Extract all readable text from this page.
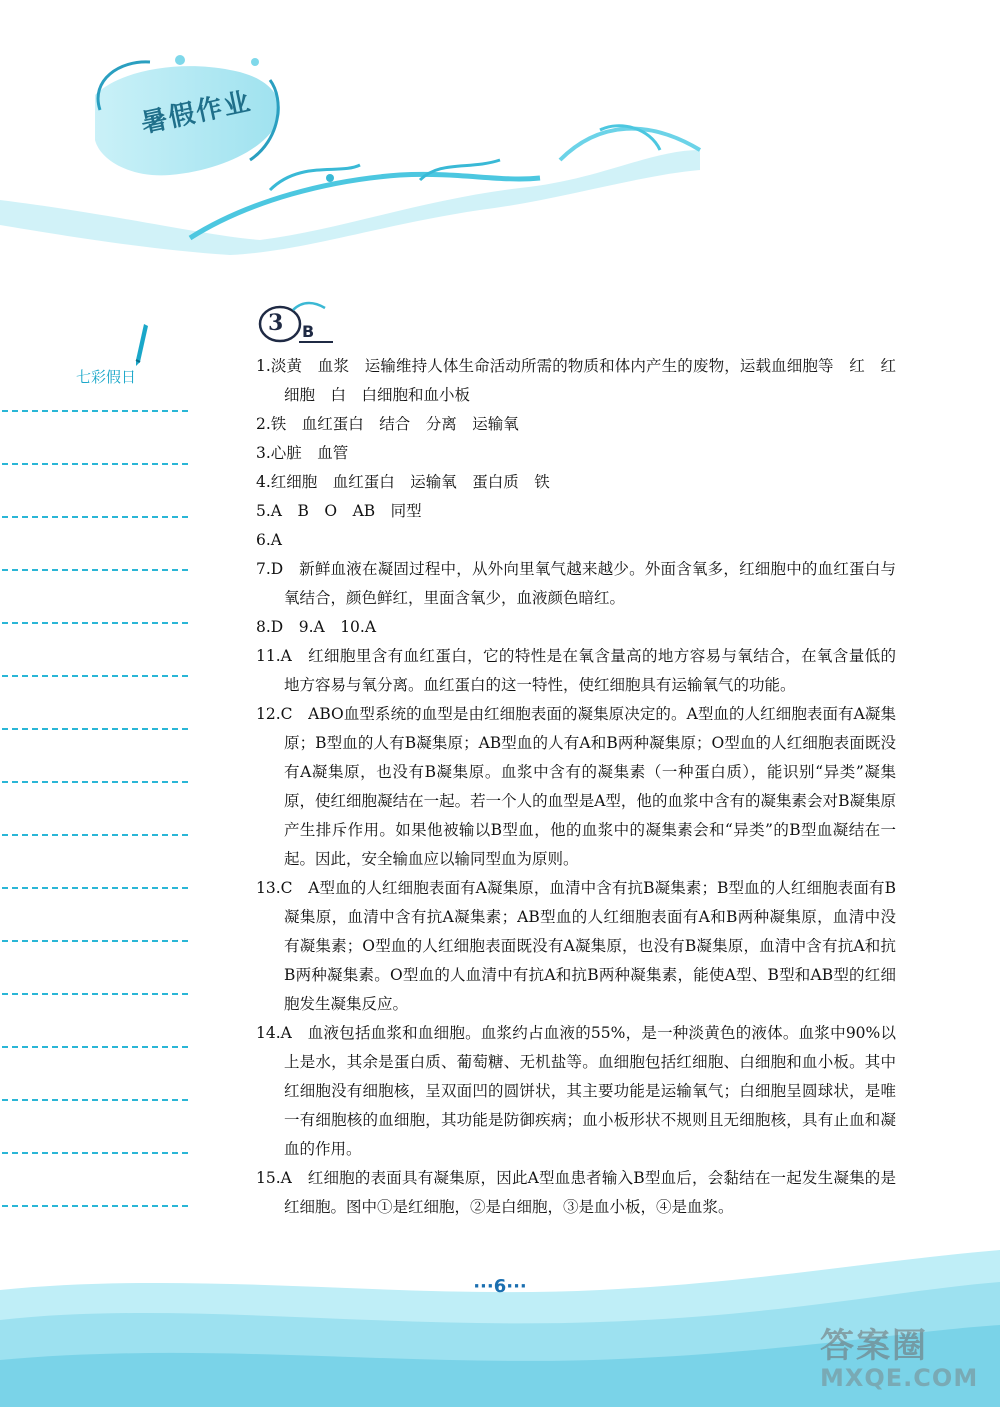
暑假作业
七彩假日
3 B
1.淡黄　血浆　运输维持人体生命活动所需的物质和体内产生的废物，运载血细胞等　红　红细胞　白　白细胞和血小板
2.铁　血红蛋白　结合　分离　运输氧
3.心脏　血管
4.红细胞　血红蛋白　运输氧　蛋白质　铁
5.A　B　O　AB　同型
6.A
7.D　新鲜血液在凝固过程中，从外向里氧气越来越少。外面含氧多，红细胞中的血红蛋白与氧结合，颜色鲜红，里面含氧少，血液颜色暗红。
8.D　9.A　10.A
11.A　红细胞里含有血红蛋白，它的特性是在氧含量高的地方容易与氧结合，在氧含量低的地方容易与氧分离。血红蛋白的这一特性，使红细胞具有运输氧气的功能。
12.C　ABO血型系统的血型是由红细胞表面的凝集原决定的。A型血的人红细胞表面有A凝集原；B型血的人有B凝集原；AB型血的人有A和B两种凝集原；O型血的人红细胞表面既没有A凝集原，也没有B凝集原。血浆中含有的凝集素（一种蛋白质），能识别“异类”凝集原，使红细胞凝结在一起。若一个人的血型是A型，他的血浆中含有的凝集素会对B凝集原产生排斥作用。如果他被输以B型血，他的血浆中的凝集素会和“异类”的B型血凝结在一起。因此，安全输血应以输同型血为原则。
13.C　A型血的人红细胞表面有A凝集原，血清中含有抗B凝集素；B型血的人红细胞表面有B凝集原，血清中含有抗A凝集素；AB型血的人红细胞表面有A和B两种凝集原，血清中没有凝集素；O型血的人红细胞表面既没有A凝集原，也没有B凝集原，血清中含有抗A和抗B两种凝集素。O型血的人血清中有抗A和抗B两种凝集素，能使A型、B型和AB型的红细胞发生凝集反应。
14.A　血液包括血浆和血细胞。血浆约占血液的55%，是一种淡黄色的液体。血浆中90%以上是水，其余是蛋白质、葡萄糖、无机盐等。血细胞包括红细胞、白细胞和血小板。其中红细胞没有细胞核，呈双面凹的圆饼状，其主要功能是运输氧气；白细胞呈圆球状，是唯一有细胞核的血细胞，其功能是防御疾病；血小板形状不规则且无细胞核，具有止血和凝血的作用。
15.A　红细胞的表面具有凝集原，因此A型血患者输入B型血后，会黏结在一起发生凝集的是红细胞。图中①是红细胞，②是白细胞，③是血小板，④是血浆。
···6···
答案圈
MXQE.COM
